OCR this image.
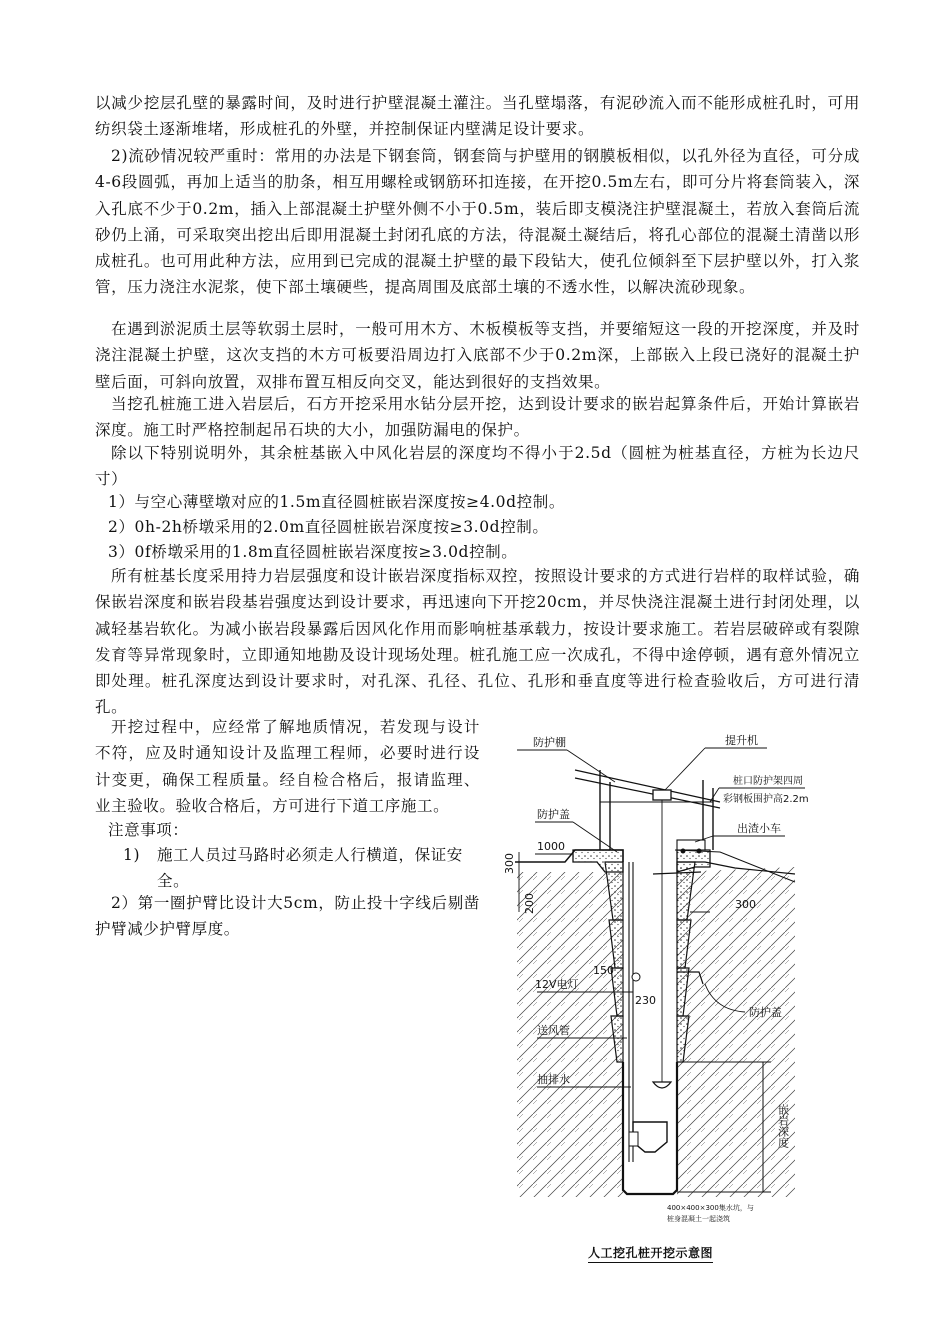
以减少挖层孔壁的暴露时间，及时进行护壁混凝土灌注。当孔壁塌落，有泥砂流入而不能形成桩孔时，可用纺织袋土逐渐堆堵，形成桩孔的外壁，并控制保证内壁满足设计要求。

2)流砂情况较严重时：常用的办法是下钢套筒，钢套筒与护壁用的钢膜板相似，以孔外径为直径，可分成4-6段圆弧，再加上适当的肋条，相互用螺栓或钢筋环扣连接，在开挖0.5m左右，即可分片将套筒装入，深入孔底不少于0.2m，插入上部混凝土护壁外侧不小于0.5m，装后即支模浇注护壁混凝土，若放入套筒后流砂仍上涌，可采取突出挖出后即用混凝土封闭孔底的方法，待混凝土凝结后，将孔心部位的混凝土清凿以形成桩孔。也可用此种方法，应用到已完成的混凝土护壁的最下段钻大，使孔位倾斜至下层护壁以外，打入浆管，压力浇注水泥浆，使下部土壤硬些，提高周围及底部土壤的不透水性，以解决流砂现象。

在遇到淤泥质土层等软弱土层时，一般可用木方、木板模板等支挡，并要缩短这一段的开挖深度，并及时浇注混凝土护壁，这次支挡的木方可板要沿周边打入底部不少于0.2m深，上部嵌入上段已浇好的混凝土护壁后面，可斜向放置，双排布置互相反向交叉，能达到很好的支挡效果。

当挖孔桩施工进入岩层后，石方开挖采用水钻分层开挖，达到设计要求的嵌岩起算条件后，开始计算嵌岩深度。施工时严格控制起吊石块的大小，加强防漏电的保护。

除以下特别说明外，其余桩基嵌入中风化岩层的深度均不得小于2.5d（圆桩为桩基直径，方桩为长边尺寸）

1）与空心薄壁墩对应的1.5m直径圆桩嵌岩深度按≥4.0d控制。

2）0h-2h桥墩采用的2.0m直径圆桩嵌岩深度按≥3.0d控制。

3）0f桥墩采用的1.8m直径圆桩嵌岩深度按≥3.0d控制。

所有桩基长度采用持力岩层强度和设计嵌岩深度指标双控，按照设计要求的方式进行岩样的取样试验，确保嵌岩深度和嵌岩段基岩强度达到设计要求，再迅速向下开挖20cm，并尽快浇注混凝土进行封闭处理，以减轻基岩软化。为减小嵌岩段暴露后因风化作用而影响桩基承载力，按设计要求施工。若岩层破碎或有裂隙发育等异常现象时，立即通知地勘及设计现场处理。桩孔施工应一次成孔，不得中途停顿，遇有意外情况立即处理。桩孔深度达到设计要求时，对孔深、孔径、孔位、孔形和垂直度等进行检查验收后，方可进行清孔。

开挖过程中，应经常了解地质情况，若发现与设计不符，应及时通知设计及监理工程师，必要时进行设计变更，确保工程质量。经自检合格后，报请监理、业主验收。验收合格后，方可进行下道工序施工。

注意事项：

1) 施工人员过马路时必须走人行横道，保证安全。

2）第一圈护臂比设计大5cm，防止投十字线后剔凿护臂减少护臂厚度。

防护棚	提升机
桩口防护架四周
彩钢板围护高2.2m
防护盖
出渣小车
1000
300
200	300
150
230
12V电灯
防护盖
送风管
抽排水
嵌岩深度
400×400×300集水坑，与
桩身混凝土一起浇筑
人工挖孔桩开挖示意图
